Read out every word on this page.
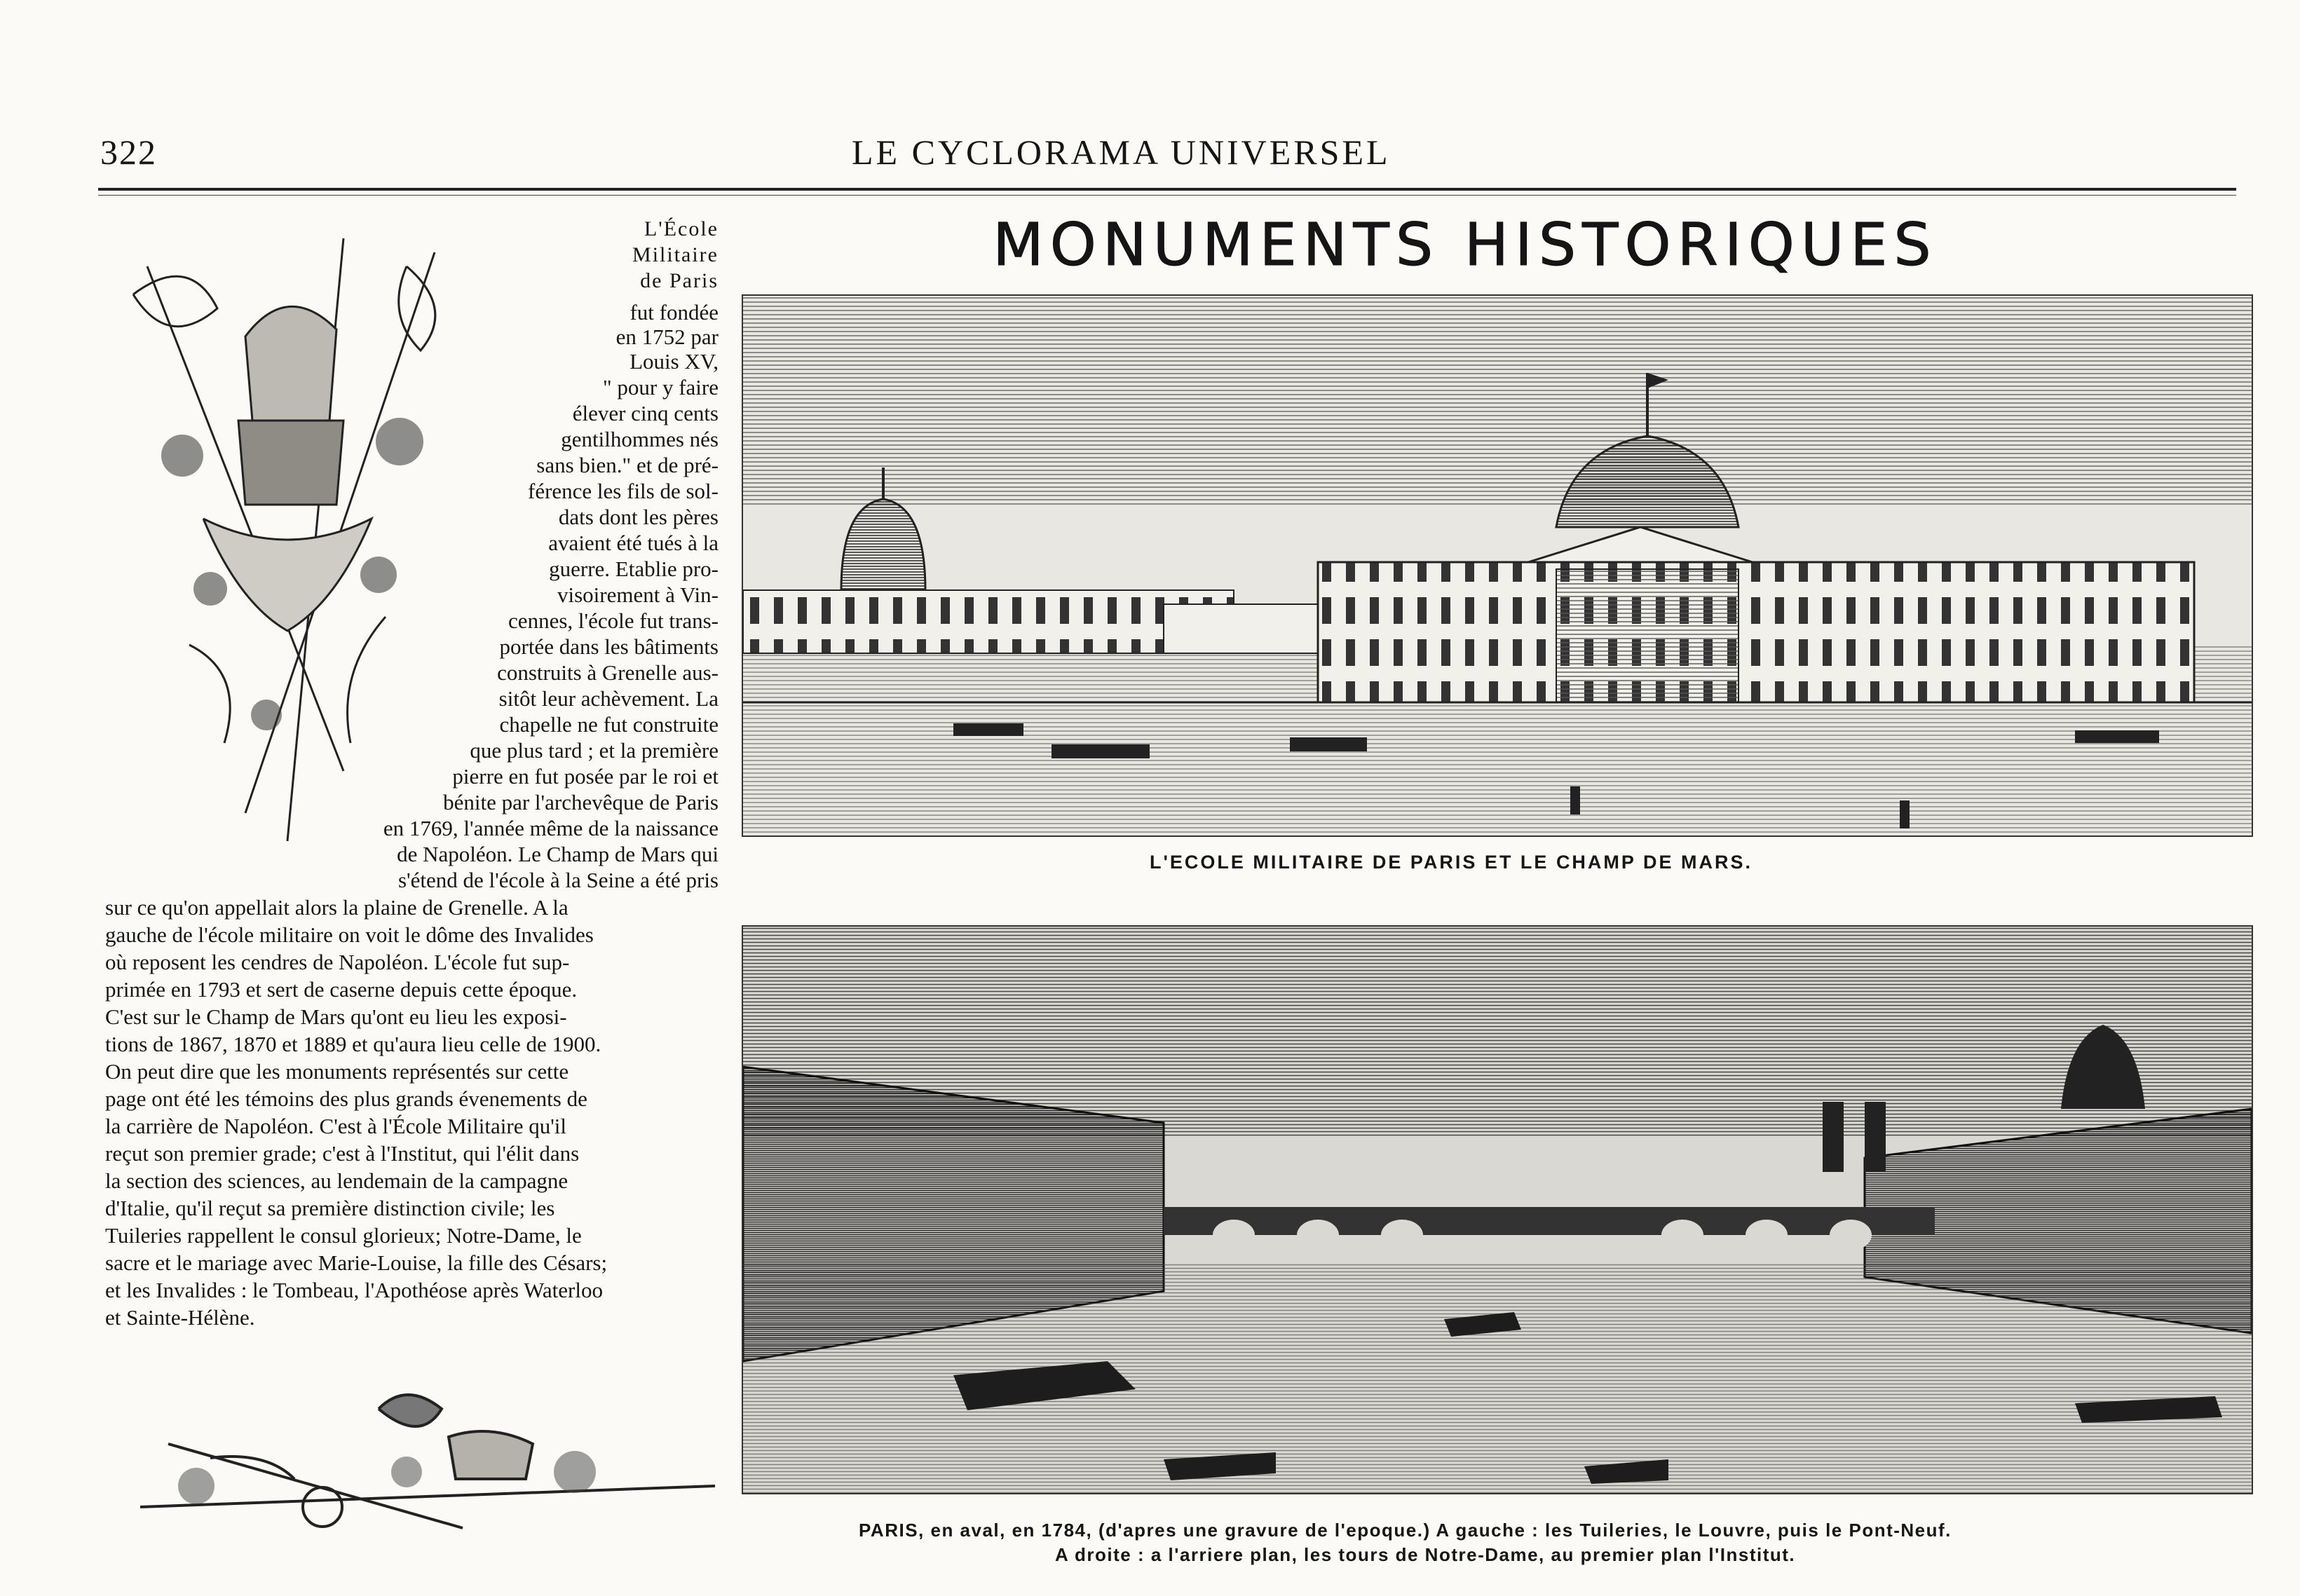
322	LE CYCLORAMA UNIVERSEL
MONUMENTS HISTORIQUES
L'ECOLE MILITAIRE DE PARIS ET LE CHAMP DE MARS.
PARIS, en aval, en 1784, (d'apres une gravure de l'epoque.) A gauche : les Tuileries, le Louvre, puis le Pont-Neuf.
A droite : a l'arriere plan, les tours de Notre-Dame, au premier plan l'Institut.
L'École
Militaire
de Paris
fut fondée
en 1752 par
Louis XV,
" pour y faire
élever cinq cents
gentilhommes nés
sans bien." et de pré-
férence les fils de sol-
dats dont les pères
avaient été tués à la
guerre. Etablie pro-
visoirement à Vin-
cennes, l'école fut trans-
portée dans les bâtiments
construits à Grenelle aus-
sitôt leur achèvement. La
chapelle ne fut construite
que plus tard ; et la première
pierre en fut posée par le roi et
bénite par l'archevêque de Paris
en 1769, l'année même de la naissance
de Napoléon. Le Champ de Mars qui
s'étend de l'école à la Seine a été pris
sur ce qu'on appellait alors la plaine de Grenelle. A la
gauche de l'école militaire on voit le dôme des Invalides
où reposent les cendres de Napoléon. L'école fut sup-
primée en 1793 et sert de caserne depuis cette époque.
C'est sur le Champ de Mars qu'ont eu lieu les exposi-
tions de 1867, 1870 et 1889 et qu'aura lieu celle de 1900.
On peut dire que les monuments représentés sur cette
page ont été les témoins des plus grands évenements de
la carrière de Napoléon. C'est à l'École Militaire qu'il
reçut son premier grade; c'est à l'Institut, qui l'élit dans
la section des sciences, au lendemain de la campagne
d'Italie, qu'il reçut sa première distinction civile; les
Tuileries rappellent le consul glorieux; Notre-Dame, le
sacre et le mariage avec Marie-Louise, la fille des Césars;
et les Invalides : le Tombeau, l'Apothéose après Waterloo
et Sainte-Hélène.
